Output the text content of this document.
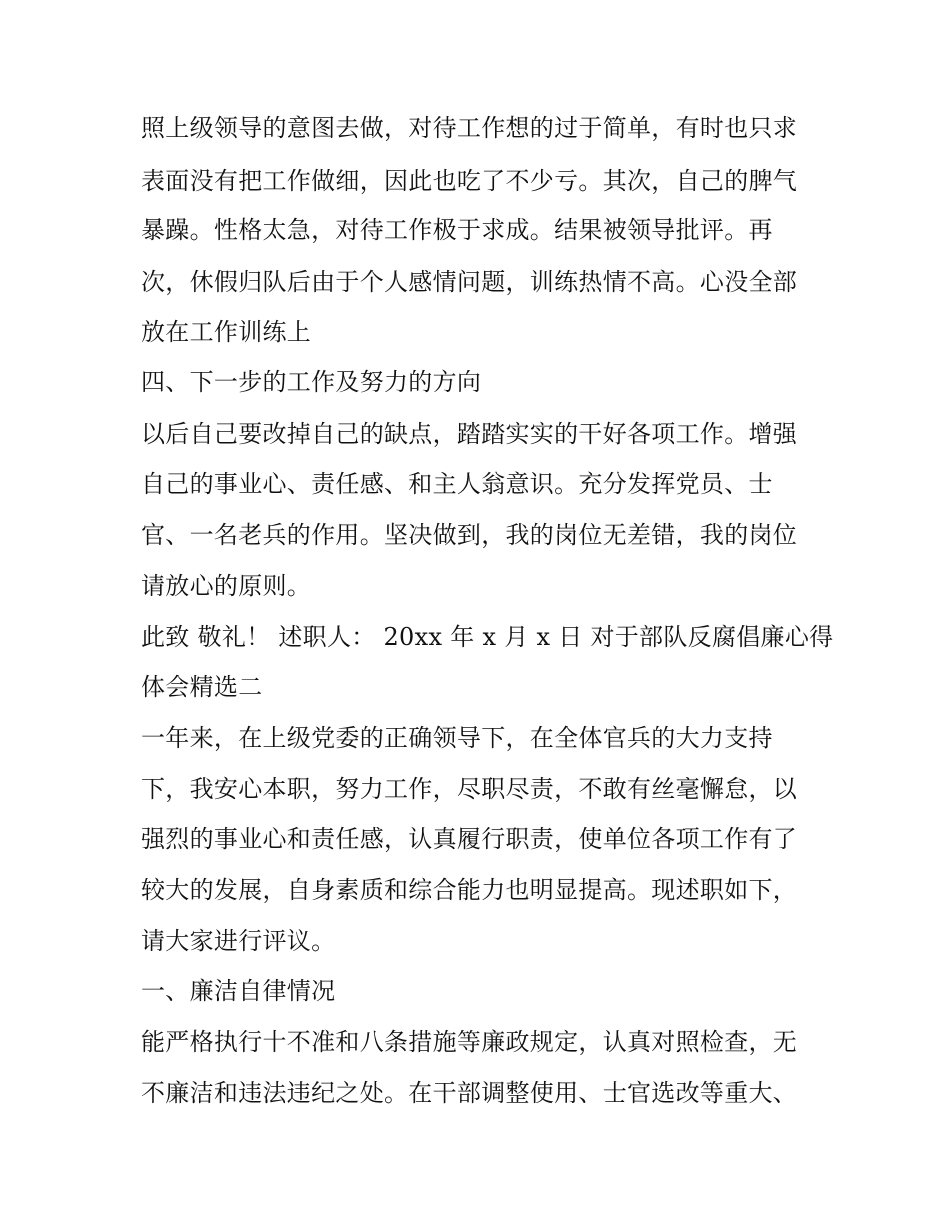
照上级领导的意图去做，对待工作想的过于简单，有时也只求
表面没有把工作做细，因此也吃了不少亏。其次，自己的脾气
暴躁。性格太急，对待工作极于求成。结果被领导批评。再
次，休假归队后由于个人感情问题，训练热情不高。心没全部
放在工作训练上
四、下一步的工作及努力的方向
以后自己要改掉自己的缺点，踏踏实实的干好各项工作。增强
自己的事业心、责任感、和主人翁意识。充分发挥党员、士
官、一名老兵的作用。坚决做到，我的岗位无差错，我的岗位
请放心的原则。
此致 敬礼！ 述职人： 20xx 年 x 月 x 日 对于部队反腐倡廉心得
体会精选二
一年来，在上级党委的正确领导下，在全体官兵的大力支持
下，我安心本职，努力工作，尽职尽责，不敢有丝毫懈怠，以
强烈的事业心和责任感，认真履行职责，使单位各项工作有了
较大的发展，自身素质和综合能力也明显提高。现述职如下，
请大家进行评议。
一、廉洁自律情况
能严格执行十不准和八条措施等廉政规定，认真对照检查，无
不廉洁和违法违纪之处。在干部调整使用、士官选改等重大、
